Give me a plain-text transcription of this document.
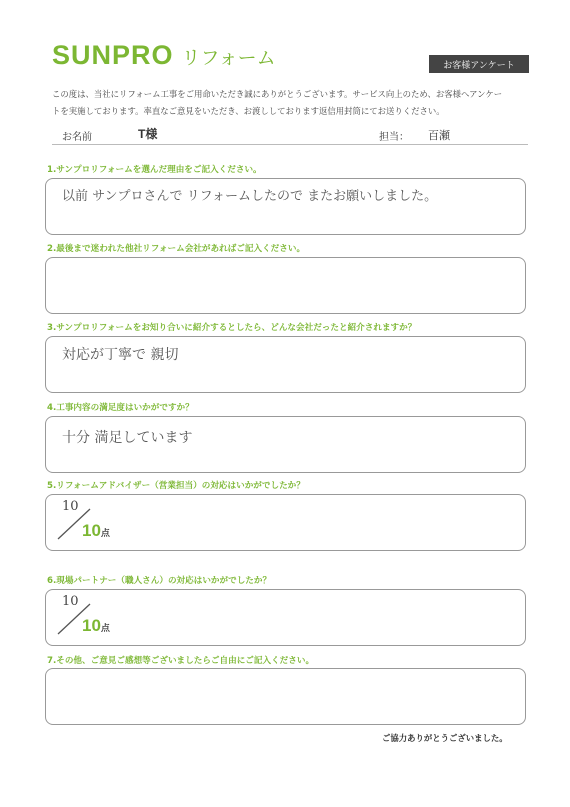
SUNPRO リフォーム	お客様アンケート
この度は、当社にリフォーム工事をご用命いただき誠にありがとうございます。サービス向上のため、お客様へアンケー
トを実施しております。率直なご意見をいただき、お渡ししております返信用封筒にてお送りください。
お名前	T様	担当： 百瀬
1.サンプロリフォームを選んだ理由をご記入ください。
以前 サンプロさんで リフォームしたので またお願いしました。
2.最後まで迷われた他社リフォーム会社があればご記入ください。
3.サンプロリフォームをお知り合いに紹介するとしたら、どんな会社だったと紹介されますか？
対応が丁寧で 親切
4.工事内容の満足度はいかがですか？
十分 満足しています
5.リフォームアドバイザー（営業担当）の対応はいかがでしたか？
10
10点
6.現場パートナー（職人さん）の対応はいかがでしたか？
10
10点
7.その他、ご意見ご感想等ございましたらご自由にご記入ください。
ご協力ありがとうございました。
